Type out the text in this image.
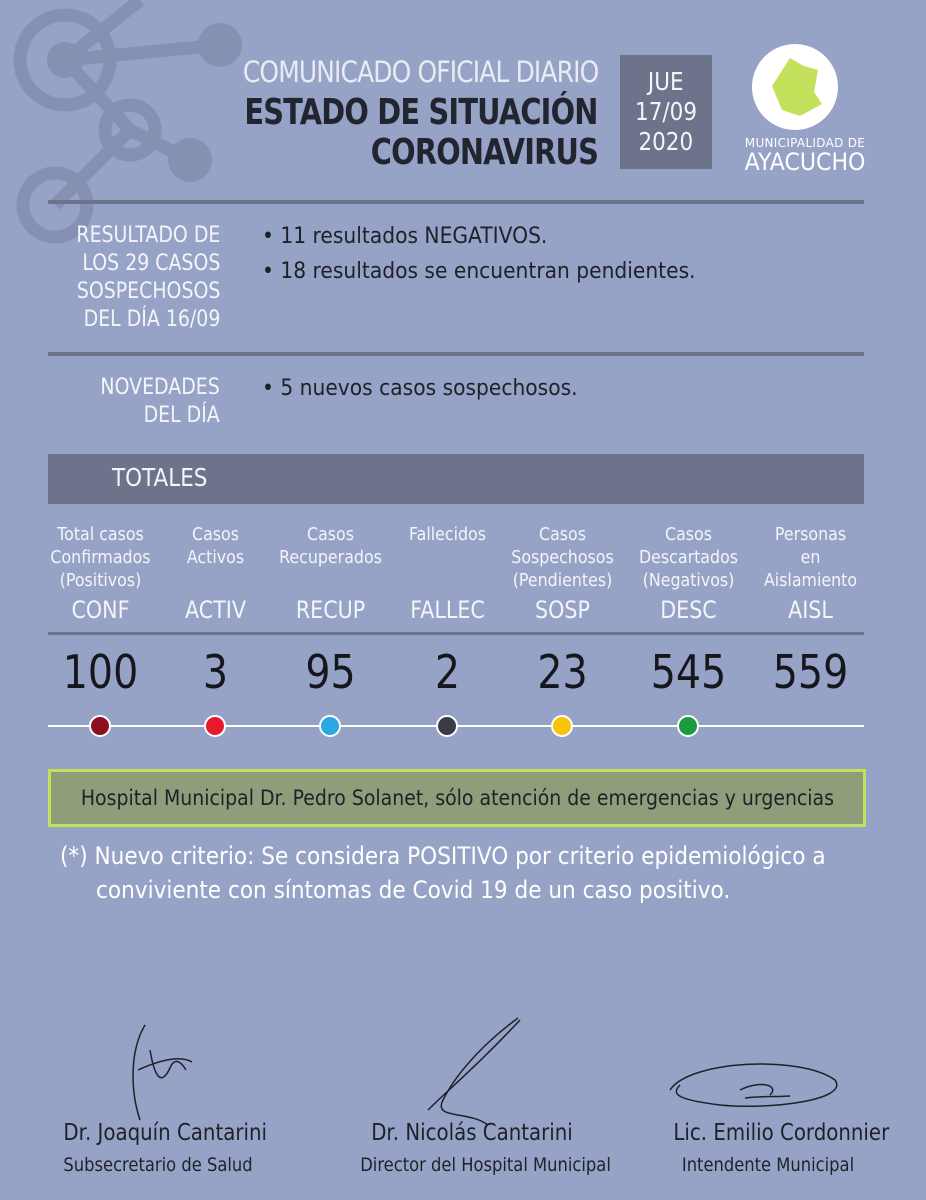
COMUNICADO OFICIAL DIARIO
ESTADO DE SITUACIÓN
CORONAVIRUS
JUE
17/09
2020	MUNICIPALIDAD DE
AYACUCHO
RESULTADO DE
LOS 29 CASOS
SOSPECHOSOS
DEL DÍA 16/09
• 11 resultados NEGATIVOS.
• 18 resultados se encuentran pendientes.
NOVEDADES
DEL DÍA
• 5 nuevos casos sospechosos.
TOTALES
Total casos
Confirmados
(Positivos)
CONF
100
Casos
Activos
ACTIV
3
Casos
Recuperados
RECUP
95
Fallecidos
FALLEC
2
Casos
Sospechosos
(Pendientes)
SOSP
23
Casos
Descartados
(Negativos)
DESC
545
Personas
en
Aislamiento
AISL
559
Hospital Municipal Dr. Pedro Solanet, sólo atención de emergencias y urgencias
(*) Nuevo criterio: Se considera POSITIVO por criterio epidemiológico a
conviviente con síntomas de Covid 19 de un caso positivo.
Dr. Joaquín Cantarini
Subsecretario de Salud
Dr. Nicolás Cantarini
Director del Hospital Municipal
Lic. Emilio Cordonnier
Intendente Municipal
